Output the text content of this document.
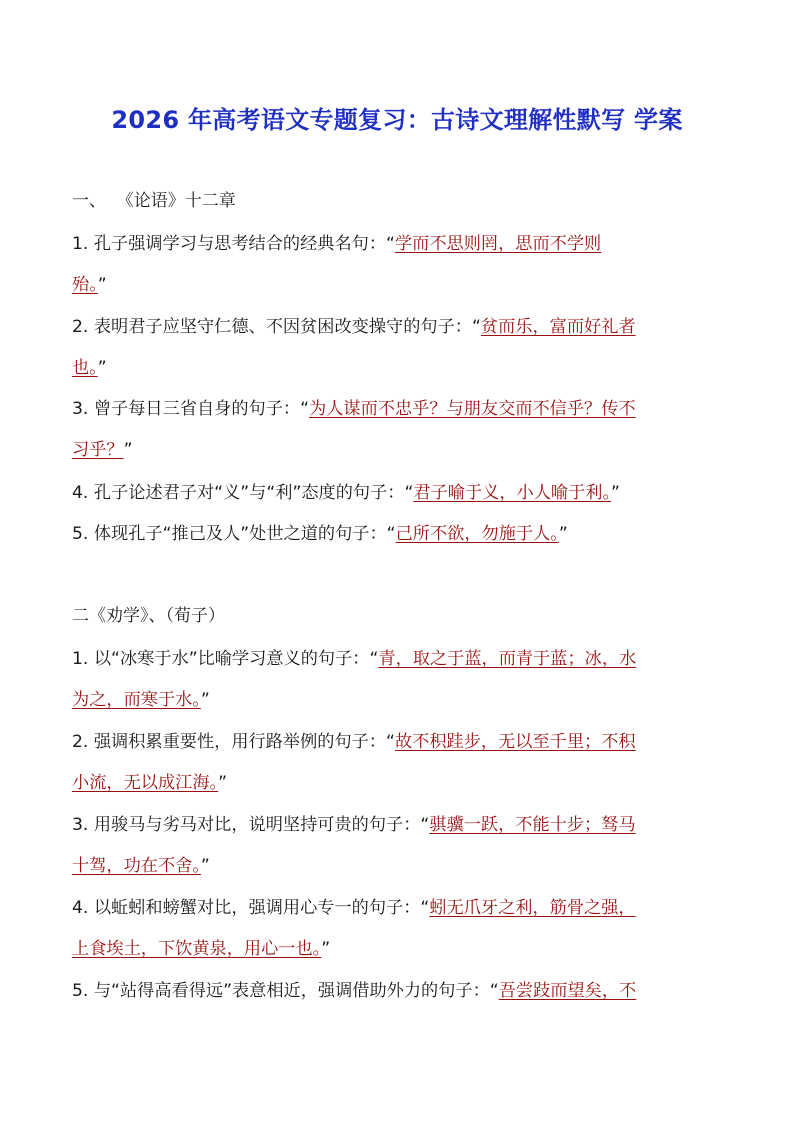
2026 年高考语文专题复习：古诗文理解性默写 学案
一、  《论语》十二章
1. 孔子强调学习与思考结合的经典名句：“学而不思则罔，思而不学则
殆。”
2. 表明君子应坚守仁德、不因贫困改变操守的句子：“贫而乐，富而好礼者
也。”
3. 曾子每日三省自身的句子：“为人谋而不忠乎？与朋友交而不信乎？传不
习乎？”
4. 孔子论述君子对“义”与“利”态度的句子：“君子喻于义，小人喻于利。”
5. 体现孔子“推己及人”处世之道的句子：“己所不欲，勿施于人。”
二《劝学》、（荀子）
1. 以“冰寒于水”比喻学习意义的句子：“青，取之于蓝，而青于蓝；冰，水
为之，而寒于水。”
2. 强调积累重要性，用行路举例的句子：“故不积跬步，无以至千里；不积
小流，无以成江海。”
3. 用骏马与劣马对比，说明坚持可贵的句子：“骐骥一跃，不能十步；驽马
十驾，功在不舍。”
4. 以蚯蚓和螃蟹对比，强调用心专一的句子：“蚓无爪牙之利，筋骨之强，
上食埃土，下饮黄泉，用心一也。”
5. 与“站得高看得远”表意相近，强调借助外力的句子：“吾尝跂而望矣，不
